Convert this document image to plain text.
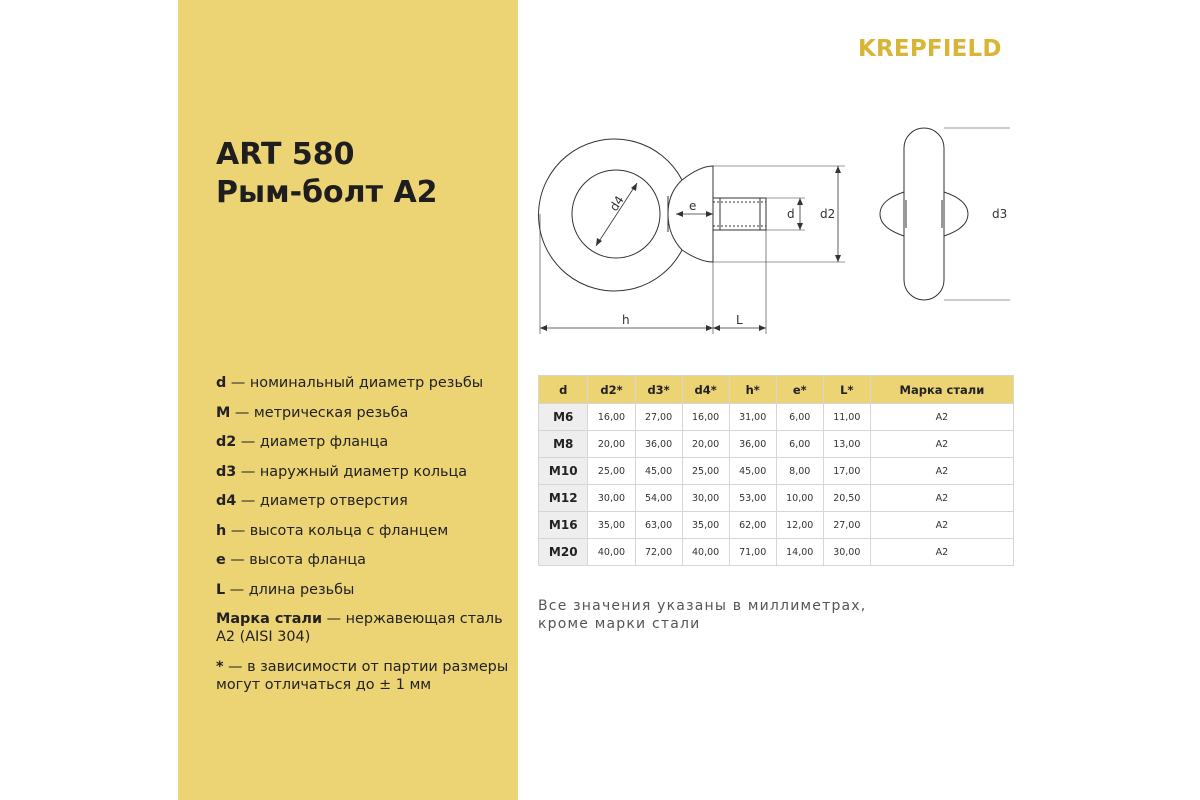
ART 580
Рым-болт А2
d — номинальный диаметр резьбы
M — метрическая резьба
d2 — диаметр фланца
d3 — наружный диаметр кольца
d4 — диаметр отверстия
h — высота кольца с фланцем
e — высота фланца
L — длина резьбы
Марка стали — нержавеющая сталь А2 (AISI 304)
* — в зависимости от партии размеры могут отличаться до ± 1 мм
KREPFIELD
d4	e
d d2	d3
h	L
d	d2*	d3*	d4*	h*	e*	L*	Марка стали
M6	16,00	27,00	16,00	31,00	6,00	11,00	A2
M8	20,00	36,00	20,00	36,00	6,00	13,00	A2
M10	25,00	45,00	25,00	45,00	8,00	17,00	A2
M12	30,00	54,00	30,00	53,00	10,00	20,50	A2
M16	35,00	63,00	35,00	62,00	12,00	27,00	A2
M20	40,00	72,00	40,00	71,00	14,00	30,00	A2
Все значения указаны в миллиметрах,
кроме марки стали
